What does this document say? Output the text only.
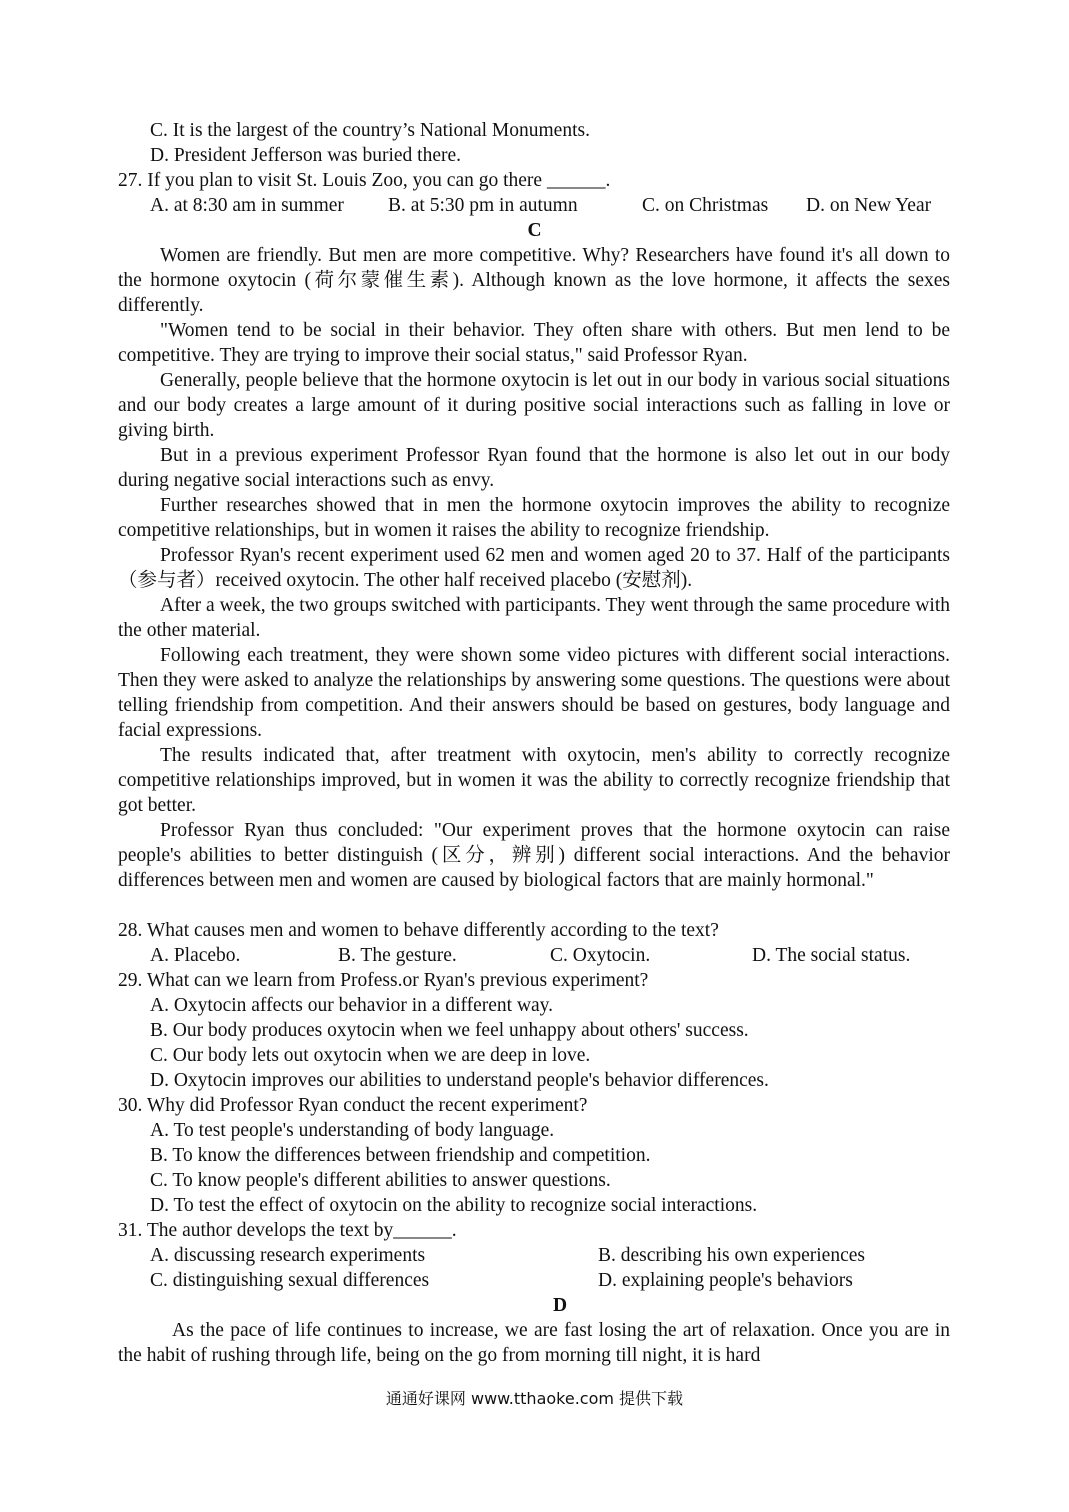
C. It is the largest of the country’s National Monuments.
D. President Jefferson was buried there.
27. If you plan to visit St. Louis Zoo, you can go there ______.
A. at 8:30 am in summer B. at 5:30 pm in autumn	C. on Christmas D. on New Year
C

Women are friendly. But men are more competitive. Why? Researchers have found it's all down to the hormone oxytocin (荷尔蒙催生素). Although known as the love hormone, it affects the sexes differently.

"Women tend to be social in their behavior. They often share with others. But men lend to be competitive. They are trying to improve their social status," said Professor Ryan.

Generally, people believe that the hormone oxytocin is let out in our body in various social situations and our body creates a large amount of it during positive social interactions such as falling in love or giving birth.

But in a previous experiment Professor Ryan found that the hormone is also let out in our body during negative social interactions such as envy.

Further researches showed that in men the hormone oxytocin improves the ability to recognize competitive relationships, but in women it raises the ability to recognize friendship.

Professor Ryan's recent experiment used 62 men and women aged 20 to 37. Half of the participants（参与者）received oxytocin. The other half received placebo (安慰剂).

After a week, the two groups switched with participants. They went through the same procedure with the other material.

Following each treatment, they were shown some video pictures with different social interactions. Then they were asked to analyze the relationships by answering some questions. The questions were about telling friendship from competition. And their answers should be based on gestures, body language and facial expressions.

The results indicated that, after treatment with oxytocin, men's ability to correctly recognize competitive relationships improved, but in women it was the ability to correctly recognize friendship that got better.

Professor Ryan thus concluded: "Our experiment proves that the hormone oxytocin can raise people's abilities to better distinguish (区分，辨别) different social interactions. And the behavior differences between men and women are caused by biological factors that are mainly hormonal."

28. What causes men and women to behave differently according to the text?
A. Placebo.	B. The gesture.	C. Oxytocin.	D. The social status.
29. What can we learn from Profess.or Ryan's previous experiment?
A. Oxytocin affects our behavior in a different way.
B. Our body produces oxytocin when we feel unhappy about others' success.
C. Our body lets out oxytocin when we are deep in love.
D. Oxytocin improves our abilities to understand people's behavior differences.
30. Why did Professor Ryan conduct the recent experiment?
A. To test people's understanding of body language.
B. To know the differences between friendship and competition.
C. To know people's different abilities to answer questions.
D. To test the effect of oxytocin on the ability to recognize social interactions.
31. The author develops the text by______.
A. discussing research experiments	B. describing his own experiences
C. distinguishing sexual differences	D. explaining people's behaviors
D

As the pace of life continues to increase, we are fast losing the art of relaxation. Once you are in the habit of rushing through life, being on the go from morning till night, it is hard

通通好课网 www.tthaoke.com 提供下载
